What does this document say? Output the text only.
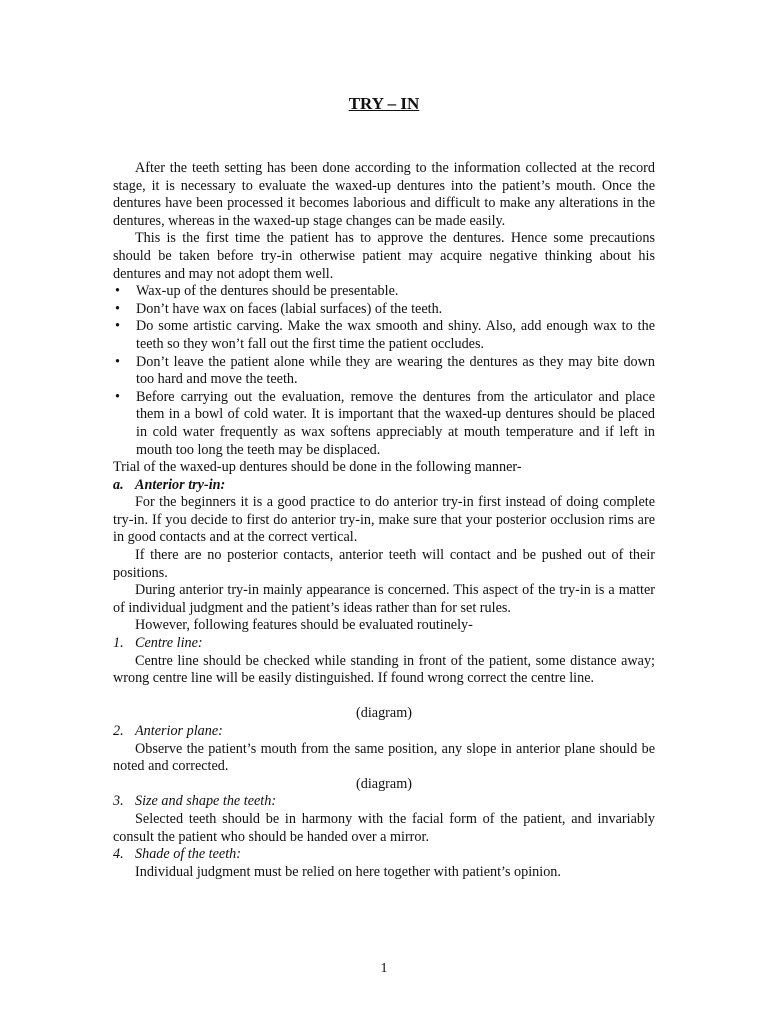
TRY – IN

After the teeth setting has been done according to the information collected at the record stage, it is necessary to evaluate the waxed-up dentures into the patient’s mouth. Once the dentures have been processed it becomes laborious and difficult to make any alterations in the dentures, whereas in the waxed-up stage changes can be made easily.

This is the first time the patient has to approve the dentures. Hence some precautions should be taken before try-in otherwise patient may acquire negative thinking about his dentures and may not adopt them well.

• Wax-up of the dentures should be presentable.
• Don’t have wax on faces (labial surfaces) of the teeth.
• Do some artistic carving. Make the wax smooth and shiny. Also, add enough wax to the teeth so they won’t fall out the first time the patient occludes.
• Don’t leave the patient alone while they are wearing the dentures as they may bite down too hard and move the teeth.
• Before carrying out the evaluation, remove the dentures from the articulator and place them in a bowl of cold water. It is important that the waxed-up dentures should be placed in cold water frequently as wax softens appreciably at mouth temperature and if left in mouth too long the teeth may be displaced.

Trial of the waxed-up dentures should be done in the following manner-

a. Anterior try-in:

For the beginners it is a good practice to do anterior try-in first instead of doing complete try-in. If you decide to first do anterior try-in, make sure that your posterior occlusion rims are in good contacts and at the correct vertical.

If there are no posterior contacts, anterior teeth will contact and be pushed out of their positions.

During anterior try-in mainly appearance is concerned. This aspect of the try-in is a matter of individual judgment and the patient’s ideas rather than for set rules.

However, following features should be evaluated routinely-

1. Centre line:

Centre line should be checked while standing in front of the patient, some distance away; wrong centre line will be easily distinguished. If found wrong correct the centre line.

(diagram)

2. Anterior plane:

Observe the patient’s mouth from the same position, any slope in anterior plane should be noted and corrected.

(diagram)

3. Size and shape the teeth:

Selected teeth should be in harmony with the facial form of the patient, and invariably consult the patient who should be handed over a mirror.

4. Shade of the teeth:

Individual judgment must be relied on here together with patient’s opinion.

1
